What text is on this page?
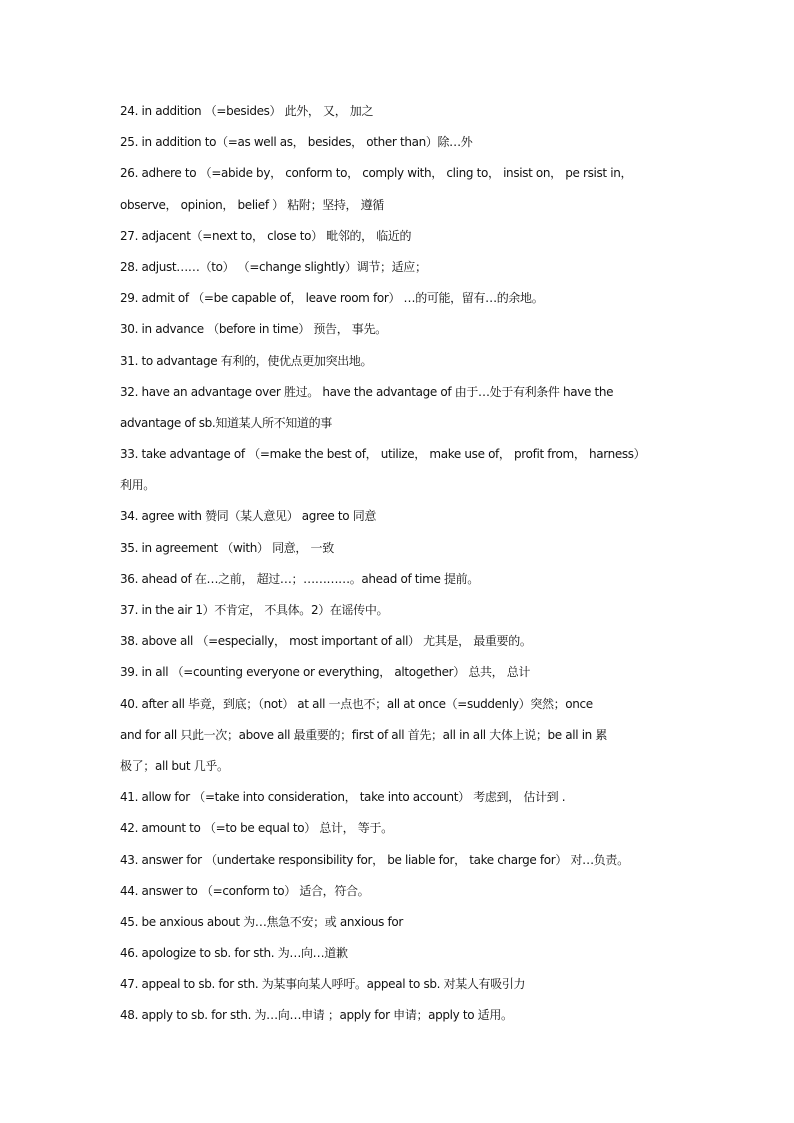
24. in addition （=besides） 此外， 又， 加之
25. in addition to（=as well as， besides， other than）除…外
26. adhere to （=abide by， conform to， comply with， cling to， insist on， pe rsist in，
observe， opinion， belief ） 粘附；坚持， 遵循
27. adjacent（=next to， close to） 毗邻的， 临近的
28. adjust……（to） （=change slightly）调节；适应；
29. admit of （=be capable of， leave room for） …的可能，留有…的余地。
30. in advance （before in time） 预告， 事先。
31. to advantage 有利的，使优点更加突出地。
32. have an advantage over 胜过。 have the advantage of 由于…处于有利条件 have the
advantage of sb.知道某人所不知道的事
33. take advantage of （=make the best of， utilize， make use of， profit from， harness）
利用。
34. agree with 赞同（某人意见） agree to 同意
35. in agreement （with） 同意， 一致
36. ahead of 在…之前， 超过…；…………。ahead of time 提前。
37. in the air 1）不肯定， 不具体。2）在谣传中。
38. above all （=especially， most important of all） 尤其是， 最重要的。
39. in all （=counting everyone or everything， altogether） 总共， 总计
40. after all 毕竟，到底；（not） at all 一点也不；all at once（=suddenly）突然；once
and for all 只此一次；above all 最重要的；first of all 首先；all in all 大体上说；be all in 累
极了；all but 几乎。
41. allow for （=take into consideration， take into account） 考虑到， 估计到 .
42. amount to （=to be equal to） 总计， 等于。
43. answer for （undertake responsibility for， be liable for， take charge for） 对…负责。
44. answer to （=conform to） 适合，符合。
45. be anxious about 为…焦急不安；或 anxious for
46. apologize to sb. for sth. 为…向…道歉
47. appeal to sb. for sth. 为某事向某人呼吁。appeal to sb. 对某人有吸引力
48. apply to sb. for sth. 为…向…申请 ；apply for 申请；apply to 适用。
